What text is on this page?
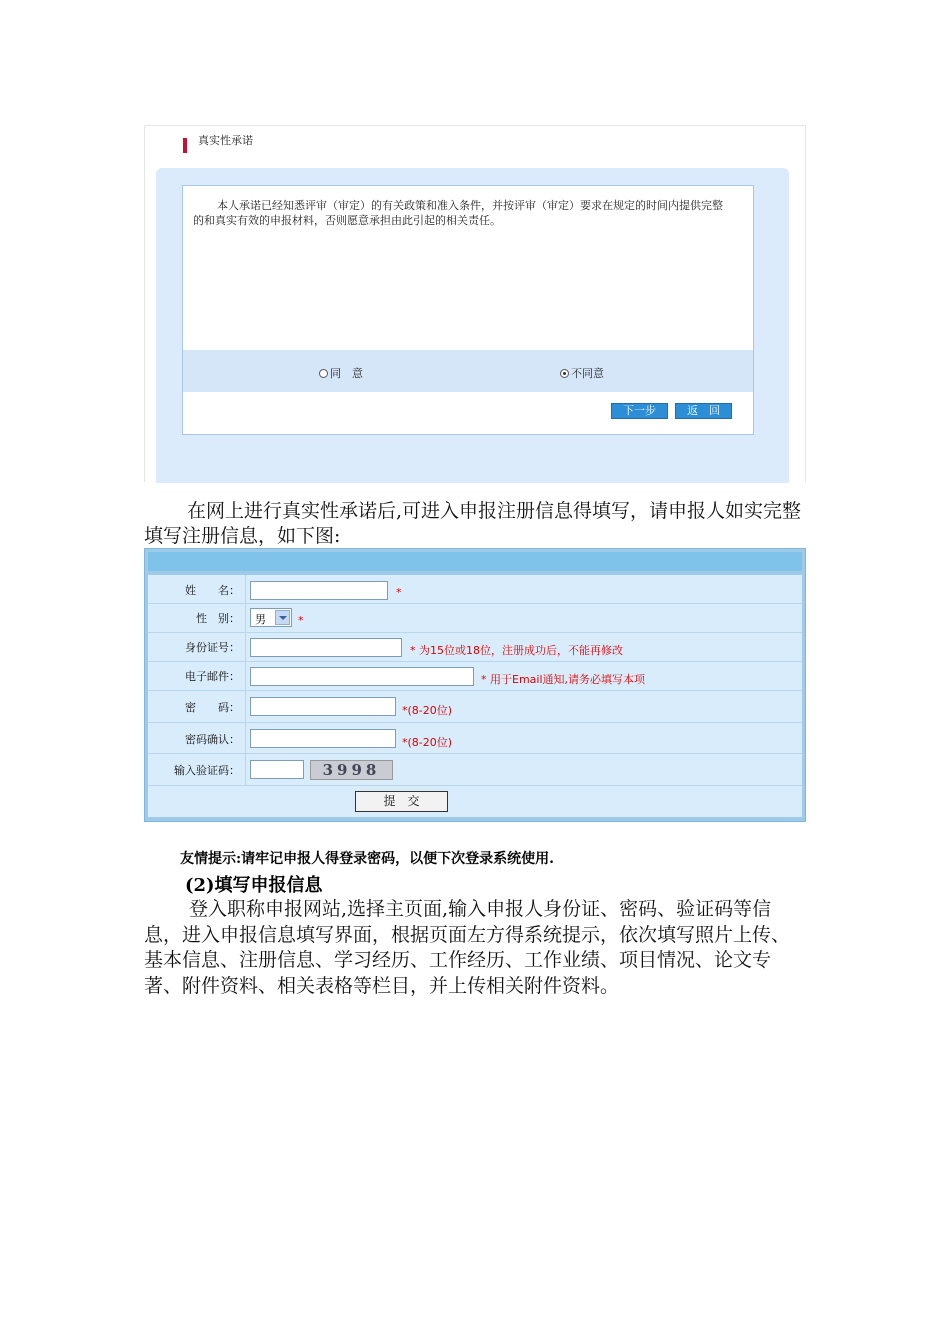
真实性承诺
本人承诺已经知悉评审（审定）的有关政策和准入条件，并按评审（审定）要求在规定的时间内提供完整的和真实有效的申报材料，否则愿意承担由此引起的相关责任。
同　意	不同意
下一步	返　回
在网上进行真实性承诺后,可进入申报注册信息得填写，请申报人如实完整填写注册信息，如下图:
姓　　名：	*
性　别： 男	*
身份证号：	* 为15位或18位，注册成功后，不能再修改
电子邮件：	* 用于Email通知,请务必填写本项
密　　码：	*(8-20位)
密码确认：	*(8-20位)
输入验证码：	3998
提　交
友情提示:请牢记申报人得登录密码，以便下次登录系统使用.
(2)填写申报信息
登入职称申报网站,选择主页面,输入申报人身份证、密码、验证码等信息，进入申报信息填写界面，根据页面左方得系统提示，依次填写照片上传、基本信息、注册信息、学习经历、工作经历、工作业绩、项目情况、论文专著、附件资料、相关表格等栏目，并上传相关附件资料。
